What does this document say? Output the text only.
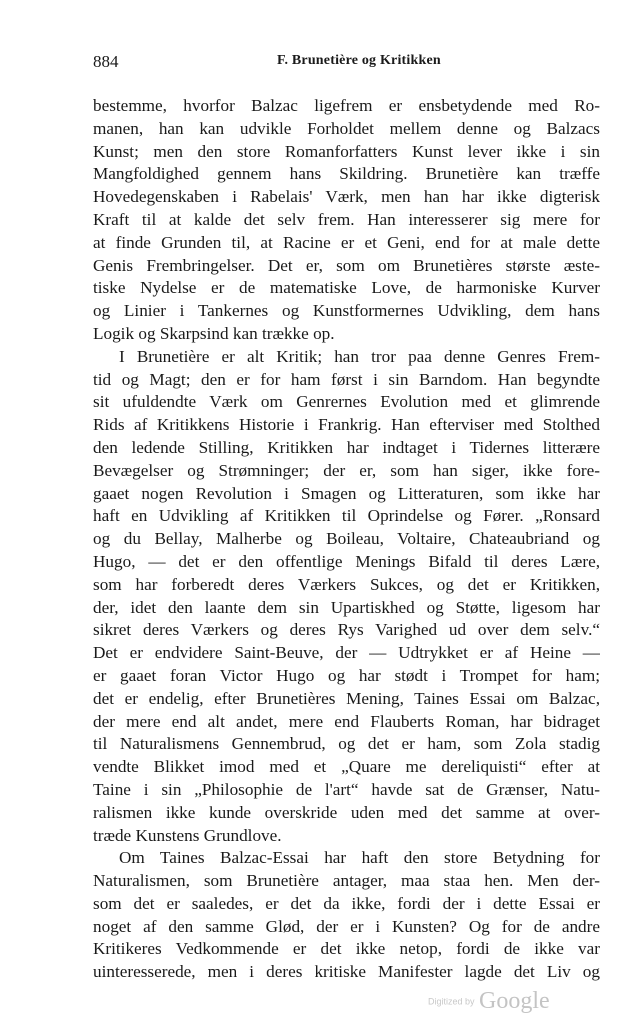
884	F. Brunetière og Kritikken
bestemme, hvorfor Balzac ligefrem er ensbetydende med Ro-
manen, han kan udvikle Forholdet mellem denne og Balzacs
Kunst; men den store Romanforfatters Kunst lever ikke i sin
Mangfoldighed gennem hans Skildring. Brunetière kan træffe
Hovedegenskaben i Rabelais' Værk, men han har ikke digterisk
Kraft til at kalde det selv frem. Han interesserer sig mere for
at finde Grunden til, at Racine er et Geni, end for at male dette
Genis Frembringelser. Det er, som om Brunetières største æste-
tiske Nydelse er de matematiske Love, de harmoniske Kurver
og Linier i Tankernes og Kunstformernes Udvikling, dem hans
Logik og Skarpsind kan trække op.
I Brunetière er alt Kritik; han tror paa denne Genres Frem-
tid og Magt; den er for ham først i sin Barndom. Han begyndte
sit ufuldendte Værk om Genrernes Evolution med et glimrende
Rids af Kritikkens Historie i Frankrig. Han efterviser med Stolthed
den ledende Stilling, Kritikken har indtaget i Tidernes litterære
Bevægelser og Strømninger; der er, som han siger, ikke fore-
gaaet nogen Revolution i Smagen og Litteraturen, som ikke har
haft en Udvikling af Kritikken til Oprindelse og Fører. „Ronsard
og du Bellay, Malherbe og Boileau, Voltaire, Chateaubriand og
Hugo, — det er den offentlige Menings Bifald til deres Lære,
som har forberedt deres Værkers Sukces, og det er Kritikken,
der, idet den laante dem sin Upartiskhed og Støtte, ligesom har
sikret deres Værkers og deres Rys Varighed ud over dem selv.“
Det er endvidere Saint-Beuve, der — Udtrykket er af Heine —
er gaaet foran Victor Hugo og har stødt i Trompet for ham;
det er endelig, efter Brunetières Mening, Taines Essai om Balzac,
der mere end alt andet, mere end Flauberts Roman, har bidraget
til Naturalismens Gennembrud, og det er ham, som Zola stadig
vendte Blikket imod med et „Quare me dereliquisti“ efter at
Taine i sin „Philosophie de l'art“ havde sat de Grænser, Natu-
ralismen ikke kunde overskride uden med det samme at over-
træde Kunstens Grundlove.
Om Taines Balzac-Essai har haft den store Betydning for
Naturalismen, som Brunetière antager, maa staa hen. Men der-
som det er saaledes, er det da ikke, fordi der i dette Essai er
noget af den samme Glød, der er i Kunsten? Og for de andre
Kritikeres Vedkommende er det ikke netop, fordi de ikke var
uinteresserede, men i deres kritiske Manifester lagde det Liv og
Digitized by Google
